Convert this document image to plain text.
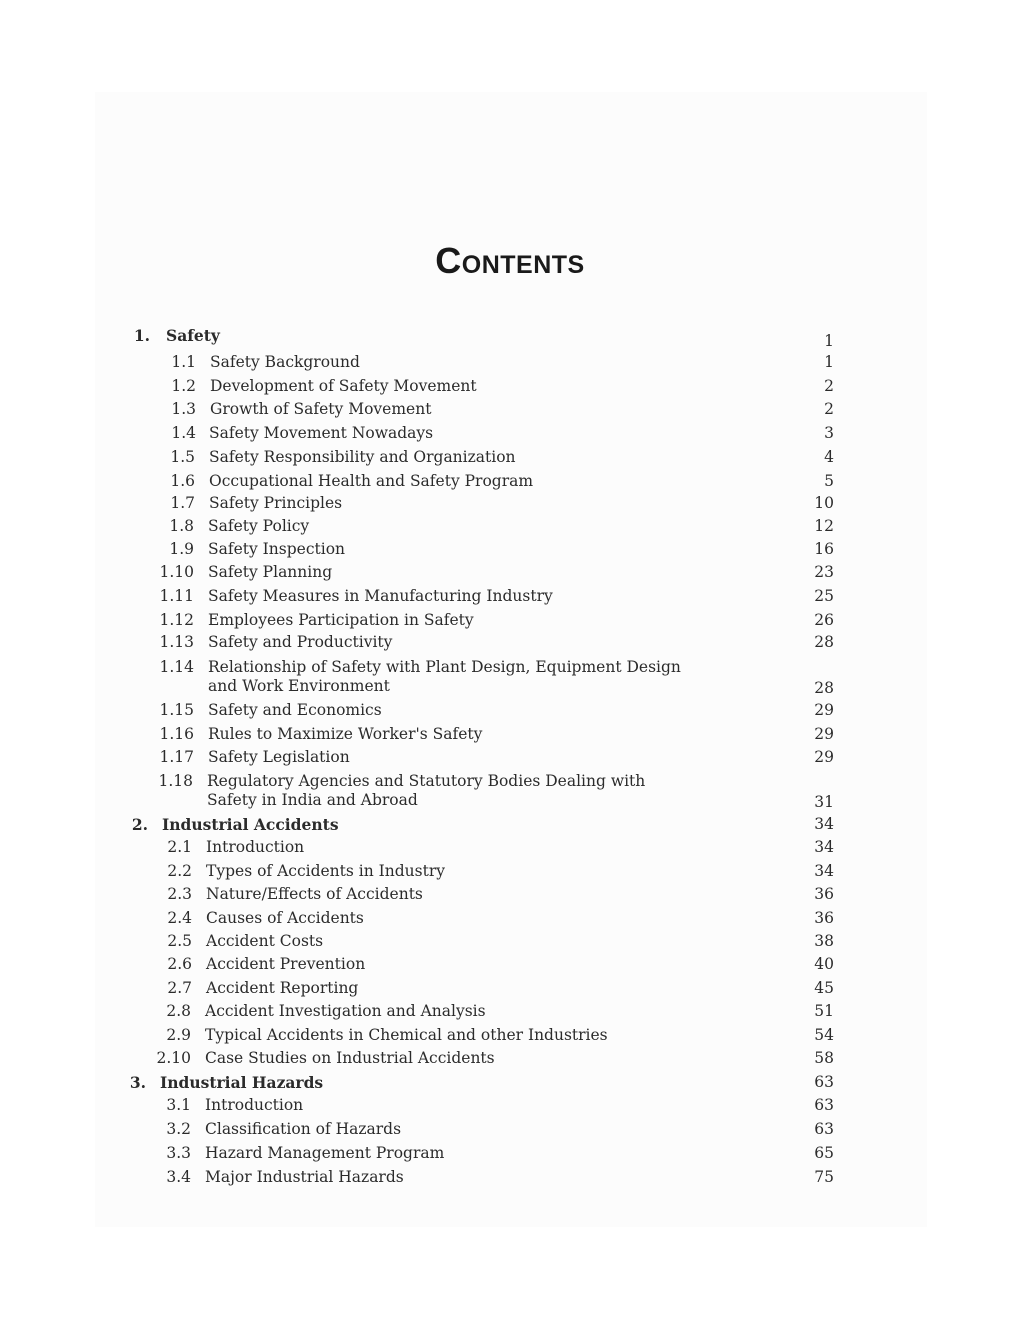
Contents
1. Safety	1
1.1 Safety Background	1
1.2 Development of Safety Movement	2
1.3 Growth of Safety Movement	2
1.4 Safety Movement Nowadays	3
1.5 Safety Responsibility and Organization	4
1.6 Occupational Health and Safety Program	5
1.7 Safety Principles	10
1.8 Safety Policy	12
1.9 Safety Inspection	16
1.10 Safety Planning	23
1.11 Safety Measures in Manufacturing Industry	25
1.12 Employees Participation in Safety	26
1.13 Safety and Productivity	28
1.14 Relationship of Safety with Plant Design, Equipment Design and Work Environment	28
1.15 Safety and Economics	29
1.16 Rules to Maximize Worker's Safety	29
1.17 Safety Legislation	29
1.18 Regulatory Agencies and Statutory Bodies Dealing with Safety in India and Abroad	31
2. Industrial Accidents	34
2.1 Introduction	34
2.2 Types of Accidents in Industry	34
2.3 Nature/Effects of Accidents	36
2.4 Causes of Accidents	36
2.5 Accident Costs	38
2.6 Accident Prevention	40
2.7 Accident Reporting	45
2.8 Accident Investigation and Analysis	51
2.9 Typical Accidents in Chemical and other Industries	54
2.10 Case Studies on Industrial Accidents	58
3. Industrial Hazards	63
3.1 Introduction	63
3.2 Classification of Hazards	63
3.3 Hazard Management Program	65
3.4 Major Industrial Hazards	75
